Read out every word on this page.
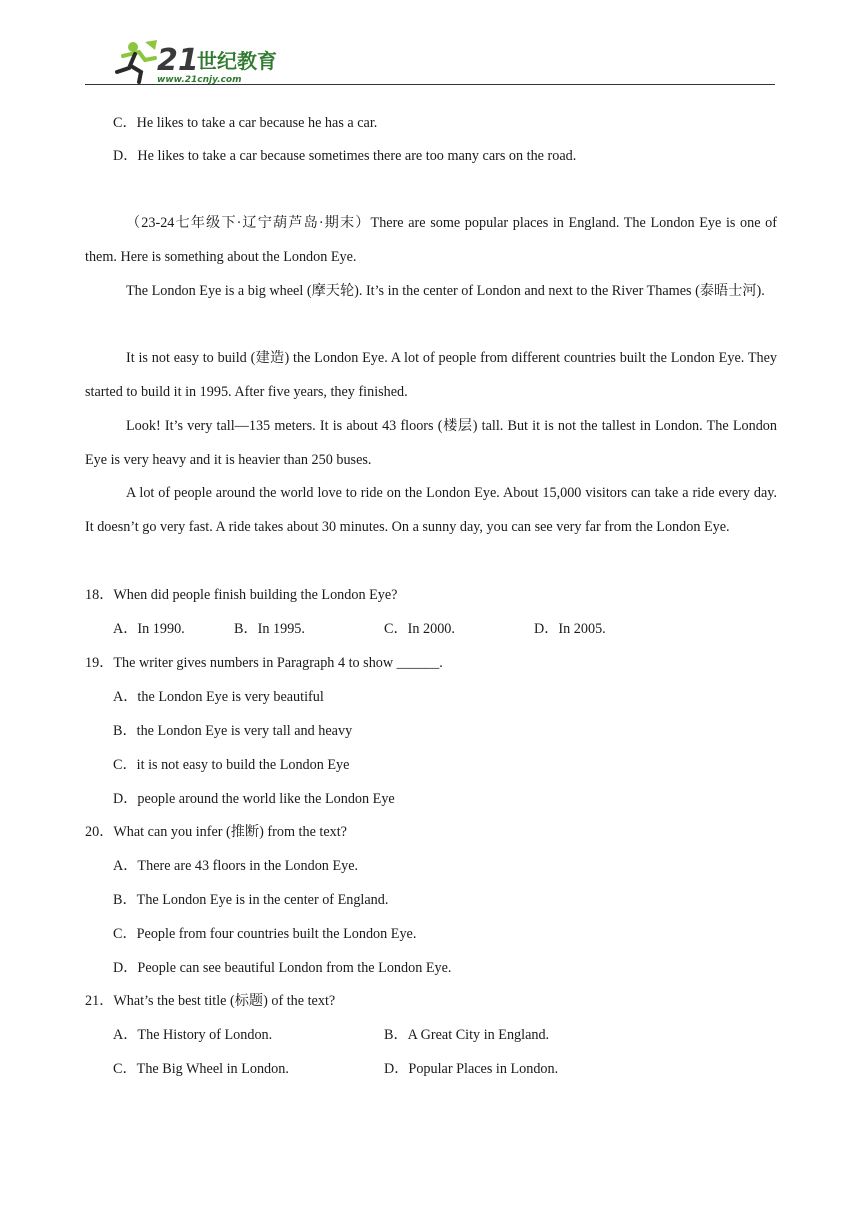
21
世纪教育
www.21cnjy.com
C．He likes to take a car because he has a car.
D．He likes to take a car because sometimes there are too many cars on the road.
（23-24七年级下·辽宁葫芦岛·期末）There are some popular places in England. The London Eye is one of them. Here is something about the London Eye.
The London Eye is a big wheel (摩天轮). It’s in the center of London and next to the River Thames (泰晤士河).
It is not easy to build (建造) the London Eye. A lot of people from different countries built the London Eye. They started to build it in 1995. After five years, they finished.
Look! It’s very tall—135 meters. It is about 43 floors (楼层) tall. But it is not the tallest in London. The London Eye is very heavy and it is heavier than 250 buses.
A lot of people around the world love to ride on the London Eye. About 15,000 visitors can take a ride every day. It doesn’t go very fast. A ride takes about 30 minutes. On a sunny day, you can see very far from the London Eye.
18．When did people finish building the London Eye?
A．In 1990.	B．In 1995.	C．In 2000.	D．In 2005.
19．The writer gives numbers in Paragraph 4 to show ______.
A．the London Eye is very beautiful
B．the London Eye is very tall and heavy
C．it is not easy to build the London Eye
D．people around the world like the London Eye
20．What can you infer (推断) from the text?
A．There are 43 floors in the London Eye.
B．The London Eye is in the center of England.
C．People from four countries built the London Eye.
D．People can see beautiful London from the London Eye.
21．What’s the best title (标题) of the text?
A．The History of London.	B．A Great City in England.
C．The Big Wheel in London.	D．Popular Places in London.
